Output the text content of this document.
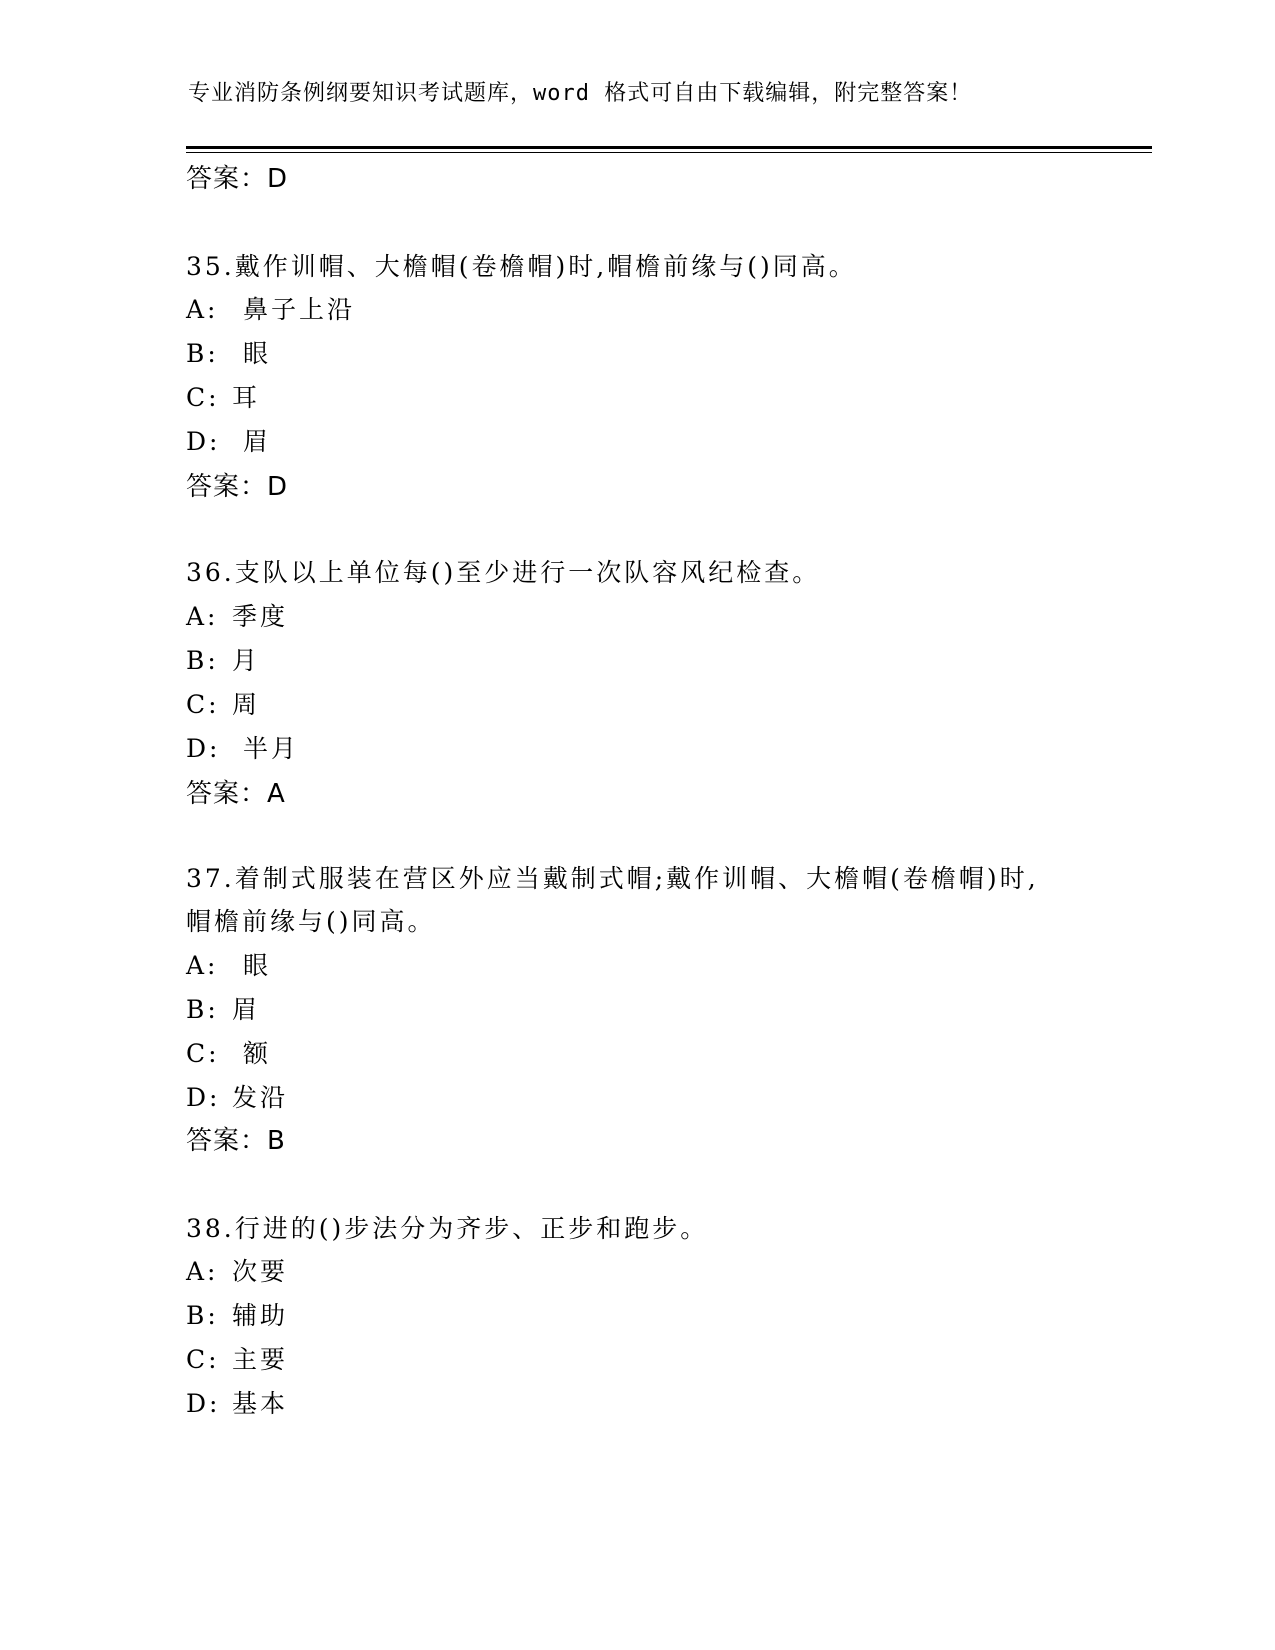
专业消防条例纲要知识考试题库，word 格式可自由下载编辑，附完整答案！
答案：D
35.戴作训帽、大檐帽(卷檐帽)时,帽檐前缘与()同高。
A: 鼻子上沿
B: 眼
C: 耳
D: 眉
答案：D
36.支队以上单位每()至少进行一次队容风纪检查。
A: 季度
B: 月
C: 周
D: 半月
答案：A
37.着制式服装在营区外应当戴制式帽;戴作训帽、大檐帽(卷檐帽)时,
帽檐前缘与()同高。
A: 眼
B: 眉
C: 额
D: 发沿
答案：B
38.行进的()步法分为齐步、正步和跑步。
A: 次要
B: 辅助
C: 主要
D: 基本
